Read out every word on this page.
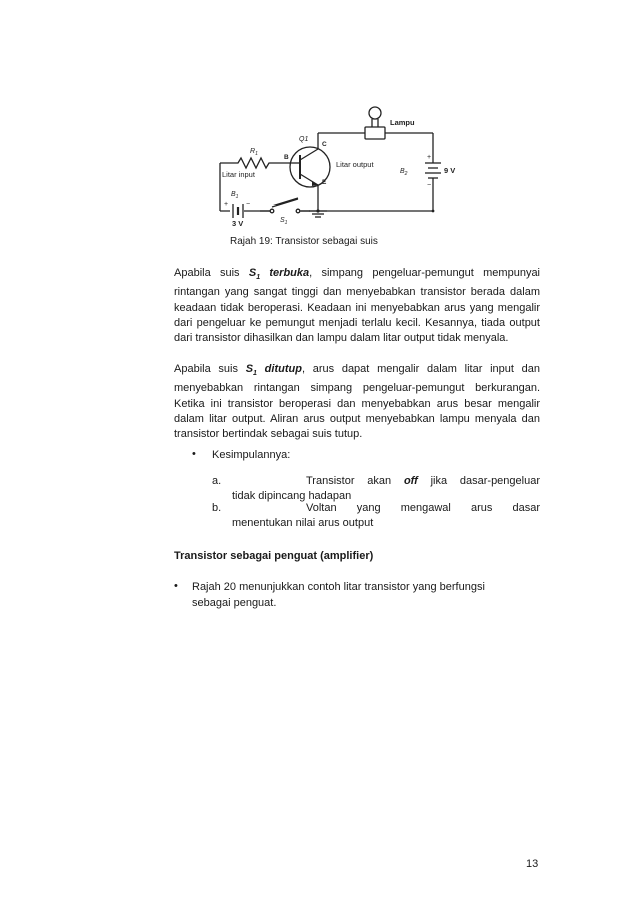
Lampu
Q1
$R_1$	B
C
E
Litar output
Litar input
$B_1$
$B_2$	9 V
3 V	$S_1$
+
−
+	−
Rajah 19: Transistor sebagai suis

Apabila suis $S_1$ terbuka, simpang pengeluar-pemungut mempunyai rintangan yang sangat tinggi dan menyebabkan transistor berada dalam keadaan tidak beroperasi. Keadaan ini menyebabkan arus yang mengalir dari pengeluar ke pemungut menjadi terlalu kecil. Kesannya, tiada output dari transistor dihasilkan dan lampu dalam litar output tidak menyala.

Apabila suis $S_1$ ditutup, arus dapat mengalir dalam litar input dan menyebabkan rintangan simpang pengeluar-pemungut berkurangan. Ketika ini transistor beroperasi dan menyebabkan arus besar mengalir dalam litar output. Aliran arus output menyebabkan lampu menyala dan transistor bertindak sebagai suis tutup.

• Kesimpulannya:
a.	Transistor akan off jika dasar-pengeluar
tidak dipincang hadapan
b.	Voltan yang mengawal arus dasar
menentukan nilai arus output
Transistor sebagai penguat (amplifier)
• Rajah 20 menunjukkan contoh litar transistor yang berfungsi
sebagai penguat.
13
